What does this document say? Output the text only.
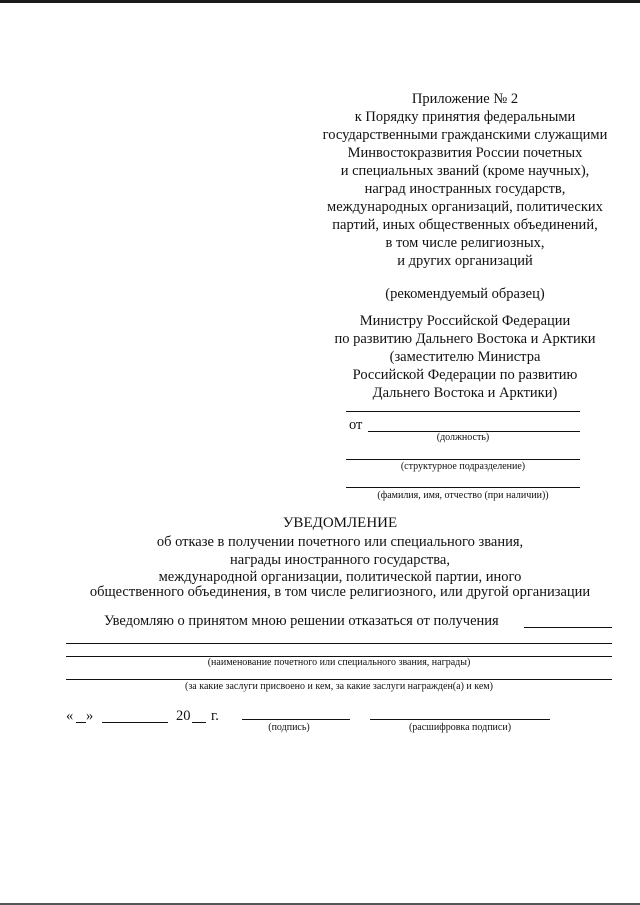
Приложение № 2
к Порядку принятия федеральными
государственными гражданскими служащими
Минвостокразвития России почетных
и специальных званий (кроме научных),
наград иностранных государств,
международных организаций, политических
партий, иных общественных объединений,
в том числе религиозных,
и других организаций
(рекомендуемый образец)
Министру Российской Федерации
по развитию Дальнего Востока и Арктики
(заместителю Министра
Российской Федерации по развитию
Дальнего Востока и Арктики)
от
(должность)
(структурное подразделение)
(фамилия, имя, отчество (при наличии))
УВЕДОМЛЕНИЕ
об отказе в получении почетного или специального звания,
награды иностранного государства,
международной организации, политической партии, иного
общественного объединения, в том числе религиозного, или другой организации
Уведомляю о принятом мною решении отказаться от получения
(наименование почетного или специального звания, награды)
(за какие заслуги присвоено и кем, за какие заслуги награжден(а) и кем)
« »	20 г.
(подпись)	(расшифровка подписи)
